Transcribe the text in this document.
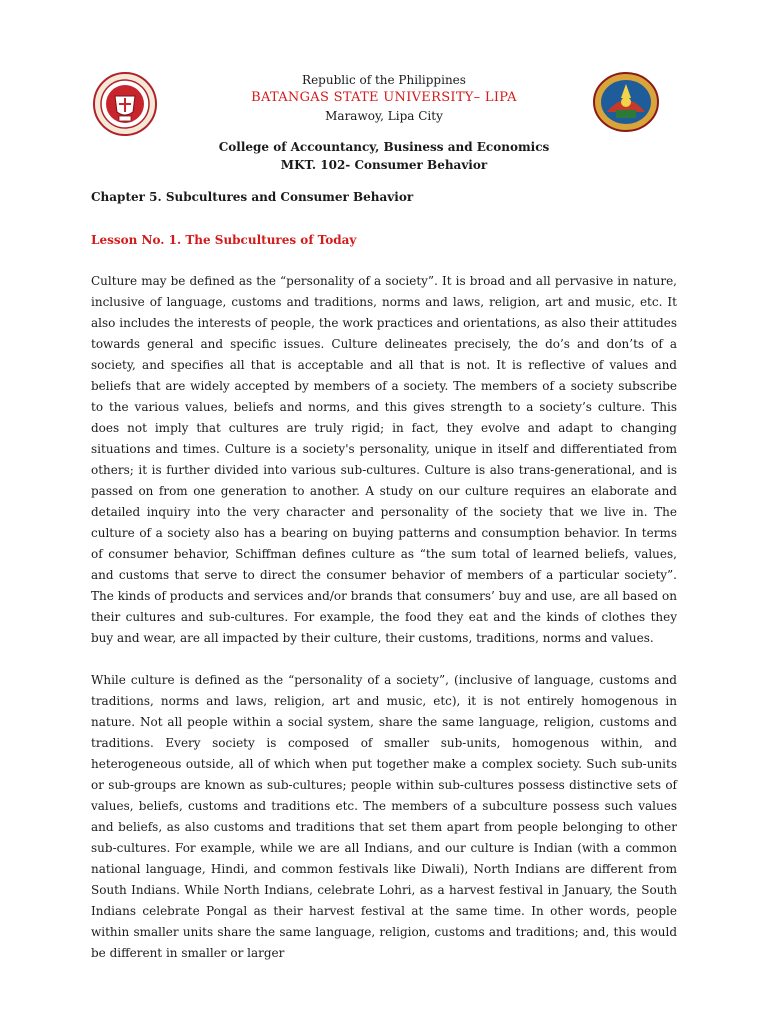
Republic of the Philippines
BATANGAS STATE UNIVERSITY– LIPA
Marawoy, Lipa City
College of Accountancy, Business and Economics
MKT. 102- Consumer Behavior
Chapter 5. Subcultures and Consumer Behavior
Lesson No. 1. The Subcultures of Today

Culture may be defined as the “personality of a society”. It is broad and all pervasive in nature, inclusive of language, customs and traditions, norms and laws, religion, art and music, etc. It also includes the interests of people, the work practices and orientations, as also their attitudes towards general and specific issues. Culture delineates precisely, the do’s and don’ts of a society, and specifies all that is acceptable and all that is not. It is reflective of values and beliefs that are widely accepted by members of a society. The members of a society subscribe to the various values, beliefs and norms, and this gives strength to a society’s culture. This does not imply that cultures are truly rigid; in fact, they evolve and adapt to changing situations and times. Culture is a society's personality, unique in itself and differentiated from others; it is further divided into various sub-cultures. Culture is also trans-generational, and is passed on from one generation to another. A study on our culture requires an elaborate and detailed inquiry into the very character and personality of the society that we live in. The culture of a society also has a bearing on buying patterns and consumption behavior. In terms of consumer behavior, Schiffman defines culture as “the sum total of learned beliefs, values, and customs that serve to direct the consumer behavior of members of a particular society”. The kinds of products and services and/or brands that consumers’ buy and use, are all based on their cultures and sub-cultures. For example, the food they eat and the kinds of clothes they buy and wear, are all impacted by their culture, their customs, traditions, norms and values.

While culture is defined as the “personality of a society”, (inclusive of language, customs and traditions, norms and laws, religion, art and music, etc), it is not entirely homogenous in nature. Not all people within a social system, share the same language, religion, customs and traditions. Every society is composed of smaller sub-units, homogenous within, and heterogeneous outside, all of which when put together make a complex society. Such sub-units or sub-groups are known as sub-cultures; people within sub-cultures possess distinctive sets of values, beliefs, customs and traditions etc. The members of a subculture possess such values and beliefs, as also customs and traditions that set them apart from people belonging to other sub-cultures. For example, while we are all Indians, and our culture is Indian (with a common national language, Hindi, and common festivals like Diwali), North Indians are different from South Indians. While North Indians, celebrate Lohri, as a harvest festival in January, the South Indians celebrate Pongal as their harvest festival at the same time. In other words, people within smaller units share the same language, religion, customs and traditions; and, this would be different in smaller or larger
